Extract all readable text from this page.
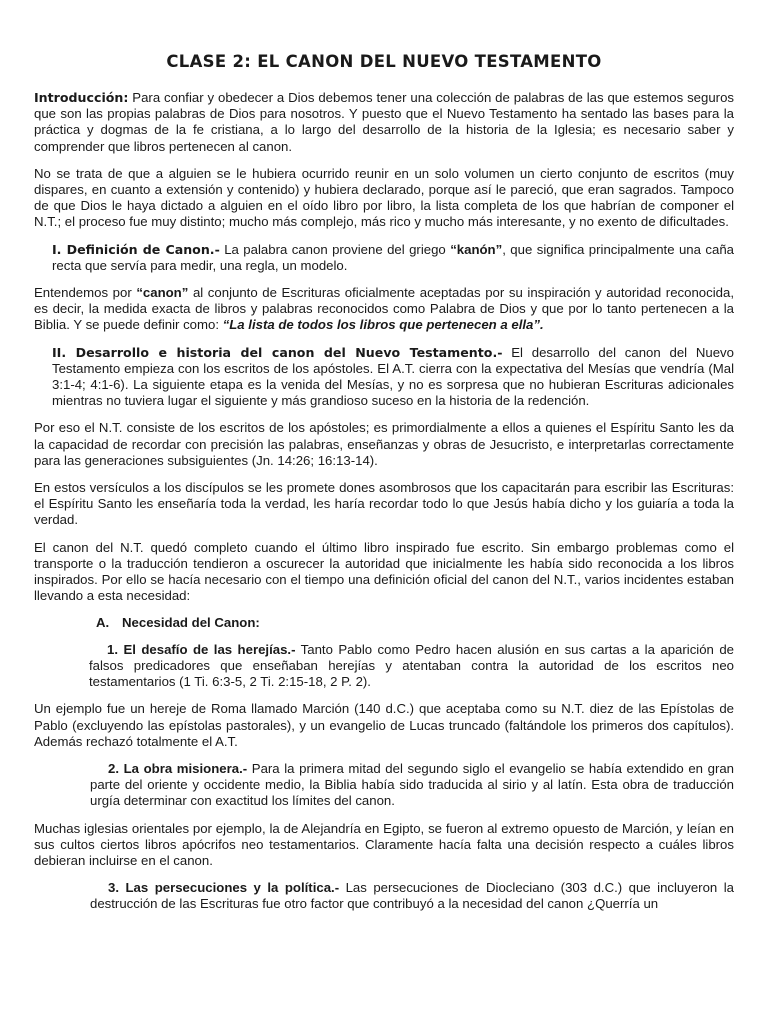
CLASE 2: EL CANON DEL NUEVO TESTAMENTO

Introducción: Para confiar y obedecer a Dios debemos tener una colección de palabras de las que estemos seguros que son las propias palabras de Dios para nosotros. Y puesto que el Nuevo Testamento ha sentado las bases para la práctica y dogmas de la fe cristiana, a lo largo del desarrollo de la historia de la Iglesia; es necesario saber y comprender que libros pertenecen al canon.

No se trata de que a alguien se le hubiera ocurrido reunir en un solo volumen un cierto conjunto de escritos (muy dispares, en cuanto a extensión y contenido) y hubiera declarado, porque así le pareció, que eran sagrados. Tampoco de que Dios le haya dictado a alguien en el oído libro por libro, la lista completa de los que habrían de componer el N.T.; el proceso fue muy distinto; mucho más complejo, más rico y mucho más interesante, y no exento de dificultades.

I. Definición de Canon.- La palabra canon proviene del griego “kanón”, que significa principalmente una caña recta que servía para medir, una regla, un modelo.

Entendemos por “canon” al conjunto de Escrituras oficialmente aceptadas por su inspiración y autoridad reconocida, es decir, la medida exacta de libros y palabras reconocidos como Palabra de Dios y que por lo tanto pertenecen a la Biblia. Y se puede definir como: “La lista de todos los libros que pertenecen a ella”.

II. Desarrollo e historia del canon del Nuevo Testamento.- El desarrollo del canon del Nuevo Testamento empieza con los escritos de los apóstoles. El A.T. cierra con la expectativa del Mesías que vendría (Mal 3:1-4; 4:1-6). La siguiente etapa es la venida del Mesías, y no es sorpresa que no hubieran Escrituras adicionales mientras no tuviera lugar el siguiente y más grandioso suceso en la historia de la redención.

Por eso el N.T. consiste de los escritos de los apóstoles; es primordialmente a ellos a quienes el Espíritu Santo les da la capacidad de recordar con precisión las palabras, enseñanzas y obras de Jesucristo, e interpretarlas correctamente para las generaciones subsiguientes (Jn. 14:26; 16:13-14).

En estos versículos a los discípulos se les promete dones asombrosos que los capacitarán para escribir las Escrituras: el Espíritu Santo les enseñaría toda la verdad, les haría recordar todo lo que Jesús había dicho y los guiaría a toda la verdad.

El canon del N.T. quedó completo cuando el último libro inspirado fue escrito. Sin embargo problemas como el transporte o la traducción tendieron a oscurecer la autoridad que inicialmente les había sido reconocida a los libros inspirados. Por ello se hacía necesario con el tiempo una definición oficial del canon del N.T., varios incidentes estaban llevando a esta necesidad:

A. Necesidad del Canon:

1. El desafío de las herejías.- Tanto Pablo como Pedro hacen alusión en sus cartas a la aparición de falsos predicadores que enseñaban herejías y atentaban contra la autoridad de los escritos neo testamentarios (1 Ti. 6:3-5, 2 Ti. 2:15-18, 2 P. 2).

Un ejemplo fue un hereje de Roma llamado Marción (140 d.C.) que aceptaba como su N.T. diez de las Epístolas de Pablo (excluyendo las epístolas pastorales), y un evangelio de Lucas truncado (faltándole los primeros dos capítulos). Además rechazó totalmente el A.T.

2. La obra misionera.- Para la primera mitad del segundo siglo el evangelio se había extendido en gran parte del oriente y occidente medio, la Biblia había sido traducida al sirio y al latín. Esta obra de traducción urgía determinar con exactitud los límites del canon.

Muchas iglesias orientales por ejemplo, la de Alejandría en Egipto, se fueron al extremo opuesto de Marción, y leían en sus cultos ciertos libros apócrifos neo testamentarios. Claramente hacía falta una decisión respecto a cuáles libros debieran incluirse en el canon.

3. Las persecuciones y la política.- Las persecuciones de Diocleciano (303 d.C.) que incluyeron la destrucción de las Escrituras fue otro factor que contribuyó a la necesidad del canon ¿Querría un
